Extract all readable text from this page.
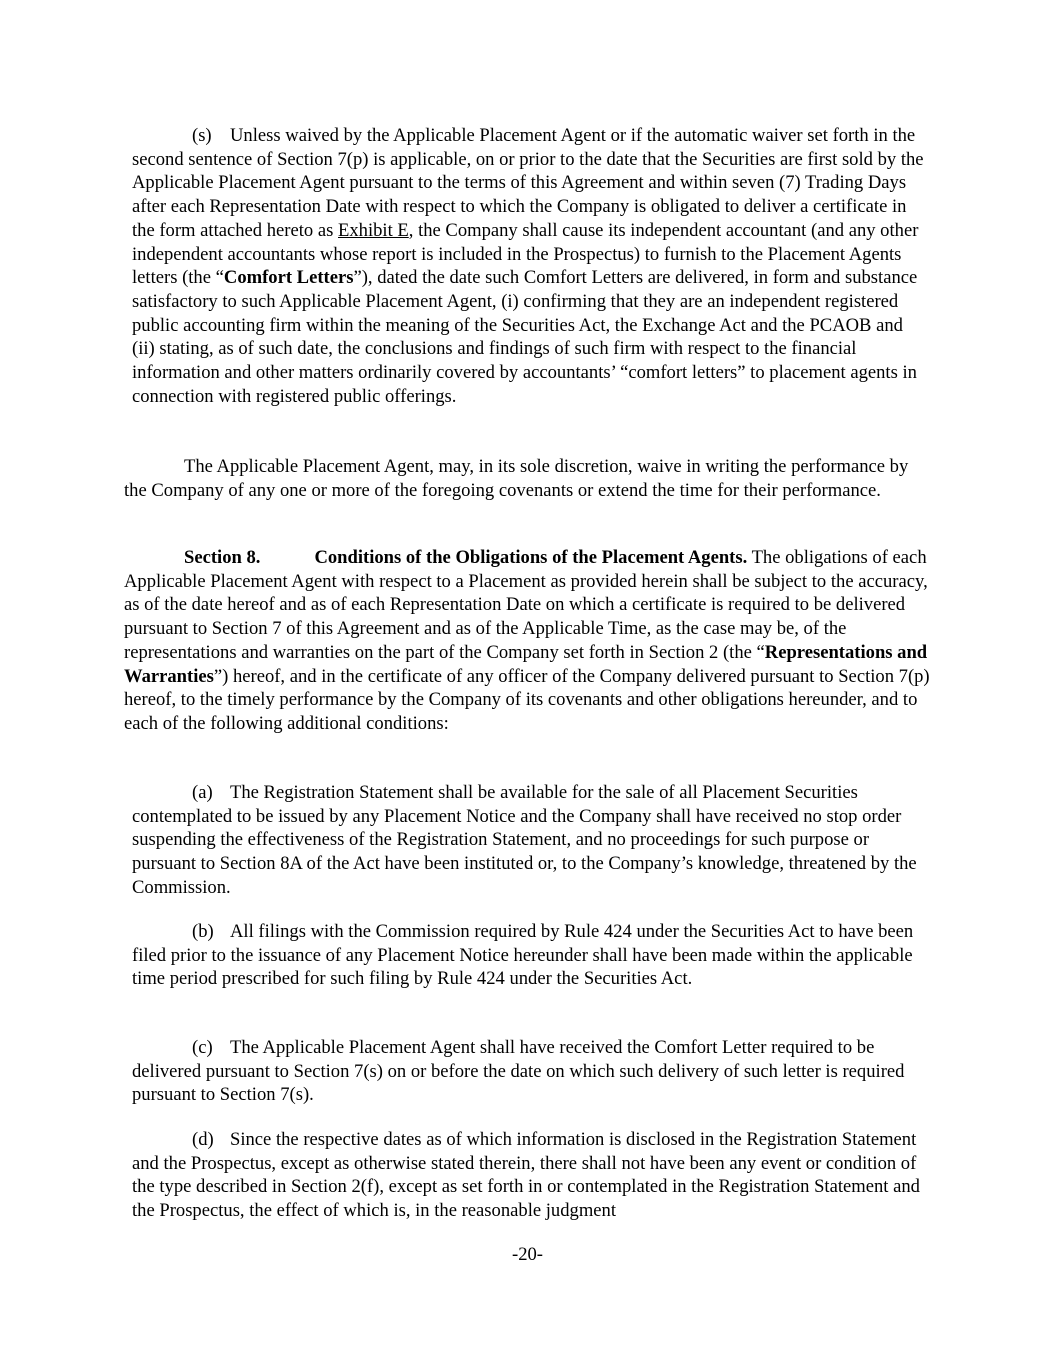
(s) Unless waived by the Applicable Placement Agent or if the automatic waiver set forth in the second sentence of Section 7(p) is applicable, on or prior to the date that the Securities are first sold by the Applicable Placement Agent pursuant to the terms of this Agreement and within seven (7) Trading Days after each Representation Date with respect to which the Company is obligated to deliver a certificate in the form attached hereto as Exhibit E, the Company shall cause its independent accountant (and any other independent accountants whose report is included in the Prospectus) to furnish to the Placement Agents letters (the “Comfort Letters”), dated the date such Comfort Letters are delivered, in form and substance satisfactory to such Applicable Placement Agent, (i) confirming that they are an independent registered public accounting firm within the meaning of the Securities Act, the Exchange Act and the PCAOB and (ii) stating, as of such date, the conclusions and findings of such firm with respect to the financial information and other matters ordinarily covered by accountants’ “comfort letters” to placement agents in connection with registered public offerings.

The Applicable Placement Agent, may, in its sole discretion, waive in writing the performance by the Company of any one or more of the foregoing covenants or extend the time for their performance.

Section 8.	Conditions of the Obligations of the Placement Agents. The obligations of each Applicable Placement Agent with respect to a Placement as provided herein shall be subject to the accuracy, as of the date hereof and as of each Representation Date on which a certificate is required to be delivered pursuant to Section 7 of this Agreement and as of the Applicable Time, as the case may be, of the representations and warranties on the part of the Company set forth in Section 2 (the “Representations and Warranties”) hereof, and in the certificate of any officer of the Company delivered pursuant to Section 7(p) hereof, to the timely performance by the Company of its covenants and other obligations hereunder, and to each of the following additional conditions:

(a) The Registration Statement shall be available for the sale of all Placement Securities contemplated to be issued by any Placement Notice and the Company shall have received no stop order suspending the effectiveness of the Registration Statement, and no proceedings for such purpose or pursuant to Section 8A of the Act have been instituted or, to the Company’s knowledge, threatened by the Commission.

(b) All filings with the Commission required by Rule 424 under the Securities Act to have been filed prior to the issuance of any Placement Notice hereunder shall have been made within the applicable time period prescribed for such filing by Rule 424 under the Securities Act.

(c) The Applicable Placement Agent shall have received the Comfort Letter required to be delivered pursuant to Section 7(s) on or before the date on which such delivery of such letter is required pursuant to Section 7(s).

(d) Since the respective dates as of which information is disclosed in the Registration Statement and the Prospectus, except as otherwise stated therein, there shall not have been any event or condition of the type described in Section 2(f), except as set forth in or contemplated in the Registration Statement and the Prospectus, the effect of which is, in the reasonable judgment

-20-
